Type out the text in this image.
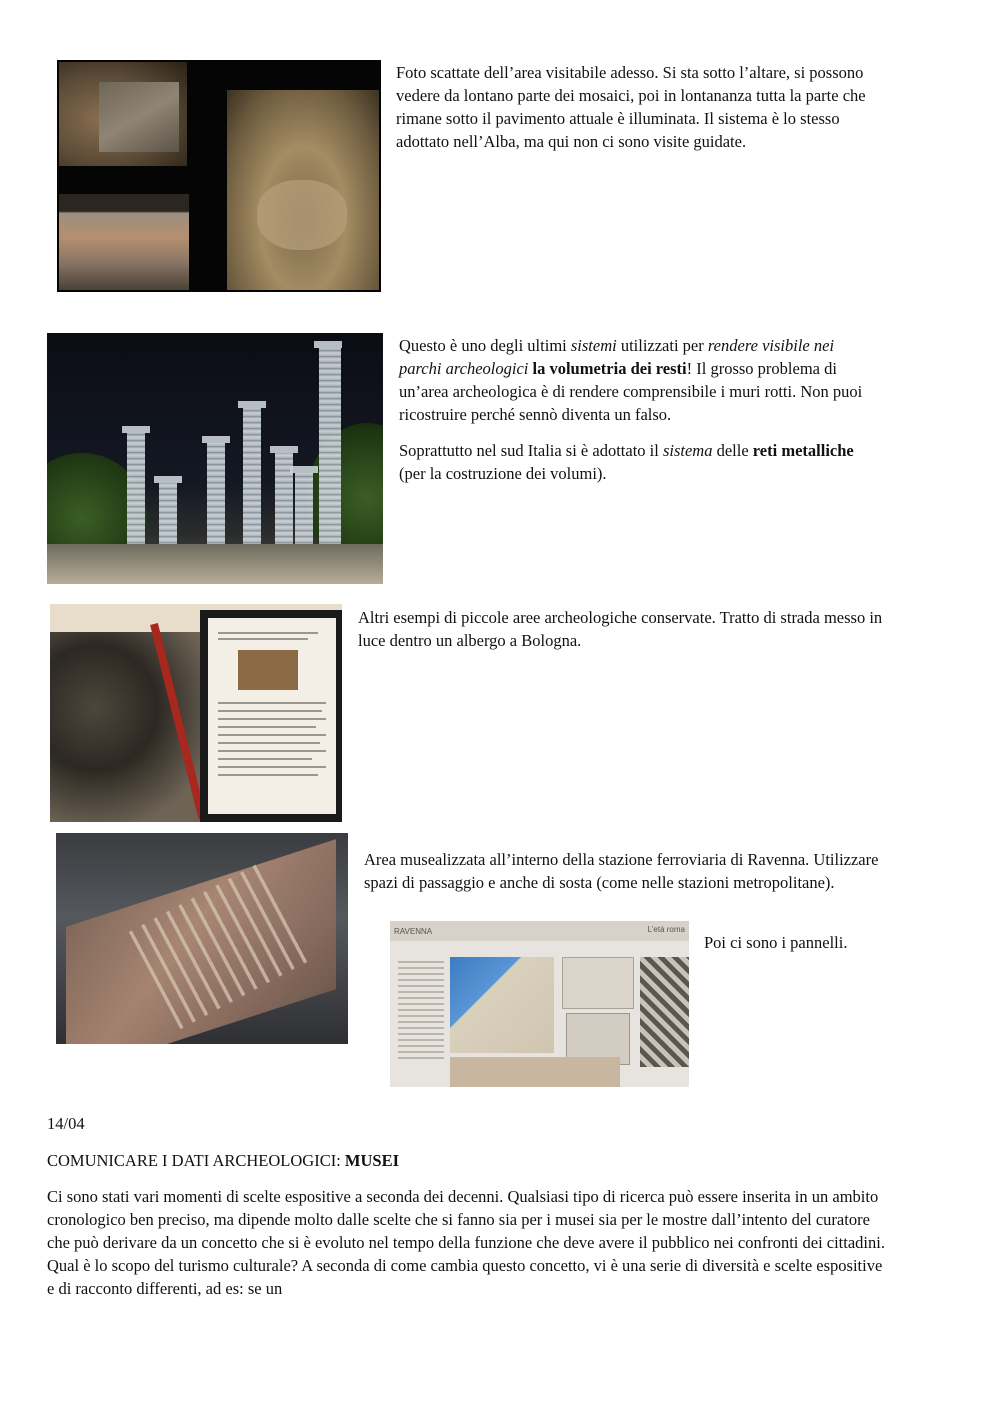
Foto scattate dell’area visitabile adesso. Si sta sotto l’altare, si possono vedere da lontano parte dei mosaici, poi in lontananza tutta la parte che rimane sotto il pavimento attuale è illuminata. Il sistema è lo stesso adottato nell’Alba, ma qui non ci sono visite guidate.

Questo è uno degli ultimi sistemi utilizzati per rendere visibile nei parchi archeologici la volumetria dei resti! Il grosso problema di un’area archeologica è di rendere comprensibile i muri rotti. Non puoi ricostruire perché sennò diventa un falso.

Soprattutto nel sud Italia si è adottato il sistema delle reti metalliche (per la costruzione dei volumi).

Altri esempi di piccole aree archeologiche conservate. Tratto di strada messo in luce dentro un albergo a Bologna.

Area musealizzata all’interno della stazione ferroviaria di Ravenna. Utilizzare spazi di passaggio e anche di sosta (come nelle stazioni metropolitane).

RAVENNA	L’età roma

Poi ci sono i pannelli.

14/04
COMUNICARE I DATI ARCHEOLOGICI: MUSEI

Ci sono stati vari momenti di scelte espositive a seconda dei decenni. Qualsiasi tipo di ricerca può essere inserita in un ambito cronologico ben preciso, ma dipende molto dalle scelte che si fanno sia per i musei sia per le mostre dall’intento del curatore che può derivare da un concetto che si è evoluto nel tempo della funzione che deve avere il pubblico nei confronti dei cittadini. Qual è lo scopo del turismo culturale? A seconda di come cambia questo concetto, vi è una serie di diversità e scelte espositive e di racconto differenti, ad es: se un
